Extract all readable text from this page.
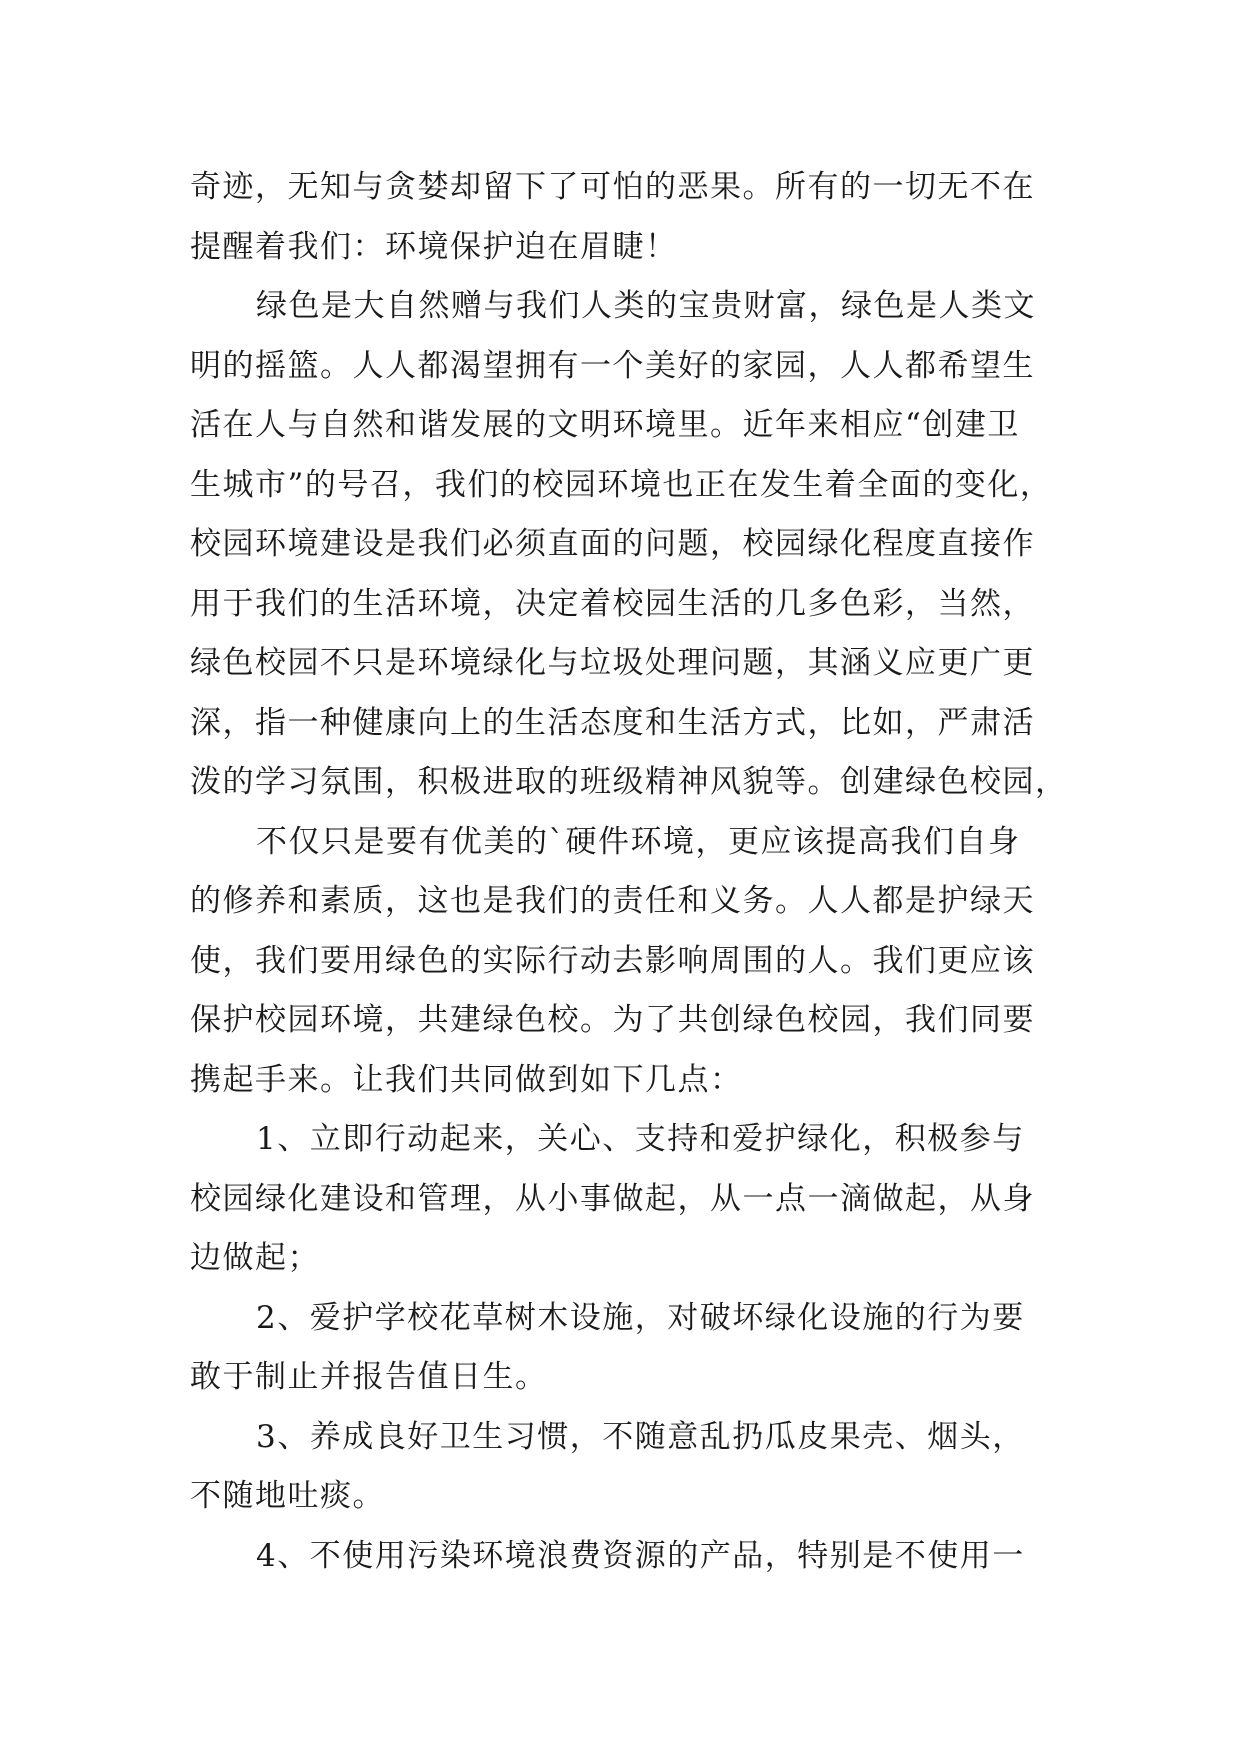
奇迹，无知与贪婪却留下了可怕的恶果。所有的一切无不在
提醒着我们：环境保护迫在眉睫！
绿色是大自然赠与我们人类的宝贵财富，绿色是人类文
明的摇篮。人人都渴望拥有一个美好的家园，人人都希望生
活在人与自然和谐发展的文明环境里。近年来相应“创建卫
生城市”的号召，我们的校园环境也正在发生着全面的变化，
校园环境建设是我们必须直面的问题，校园绿化程度直接作
用于我们的生活环境，决定着校园生活的几多色彩，当然，
绿色校园不只是环境绿化与垃圾处理问题，其涵义应更广更
深，指一种健康向上的生活态度和生活方式，比如，严肃活
泼的学习氛围，积极进取的班级精神风貌等。创建绿色校园，
不仅只是要有优美的`硬件环境，更应该提高我们自身
的修养和素质，这也是我们的责任和义务。人人都是护绿天
使，我们要用绿色的实际行动去影响周围的人。我们更应该
保护校园环境，共建绿色校。为了共创绿色校园，我们同要
携起手来。让我们共同做到如下几点：
1、立即行动起来，关心、支持和爱护绿化，积极参与
校园绿化建设和管理，从小事做起，从一点一滴做起，从身
边做起；
2、爱护学校花草树木设施，对破坏绿化设施的行为要
敢于制止并报告值日生。
3、养成良好卫生习惯，不随意乱扔瓜皮果壳、烟头，
不随地吐痰。
4、不使用污染环境浪费资源的产品，特别是不使用一
